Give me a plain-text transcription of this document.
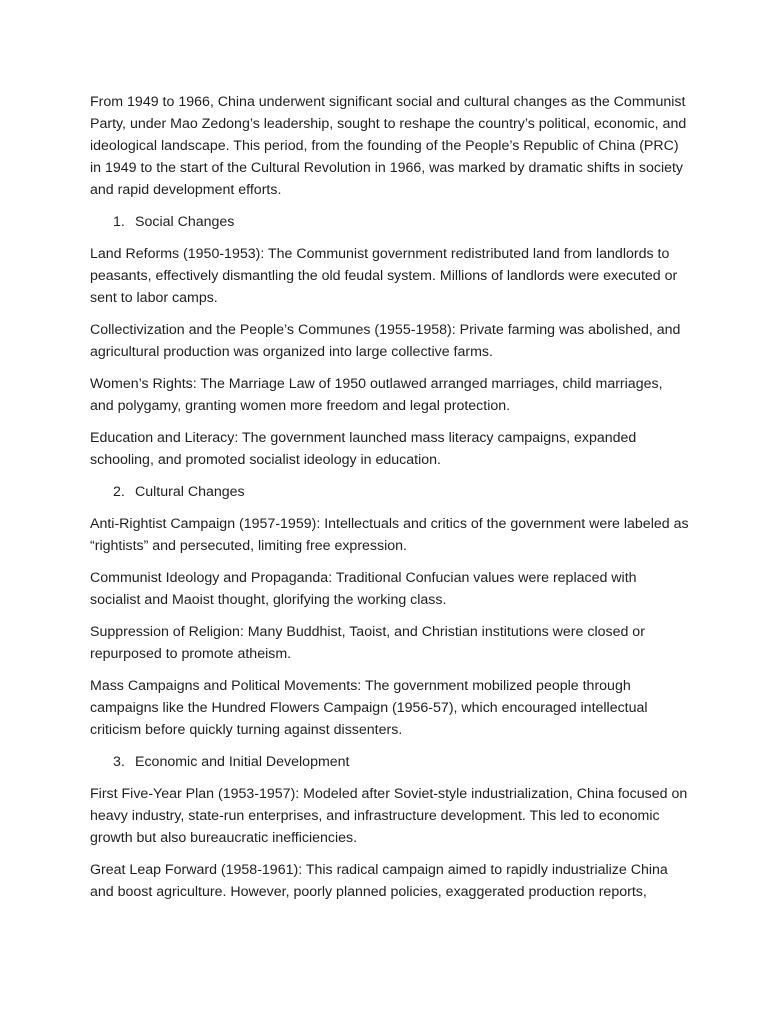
From 1949 to 1966, China underwent significant social and cultural changes as the Communist Party, under Mao Zedong’s leadership, sought to reshape the country’s political, economic, and ideological landscape. This period, from the founding of the People’s Republic of China (PRC) in 1949 to the start of the Cultural Revolution in 1966, was marked by dramatic shifts in society and rapid development efforts.

1. Social Changes

Land Reforms (1950-1953): The Communist government redistributed land from landlords to peasants, effectively dismantling the old feudal system. Millions of landlords were executed or sent to labor camps.

Collectivization and the People’s Communes (1955-1958): Private farming was abolished, and agricultural production was organized into large collective farms.

Women’s Rights: The Marriage Law of 1950 outlawed arranged marriages, child marriages, and polygamy, granting women more freedom and legal protection.

Education and Literacy: The government launched mass literacy campaigns, expanded schooling, and promoted socialist ideology in education.

2. Cultural Changes

Anti-Rightist Campaign (1957-1959): Intellectuals and critics of the government were labeled as “rightists” and persecuted, limiting free expression.

Communist Ideology and Propaganda: Traditional Confucian values were replaced with socialist and Maoist thought, glorifying the working class.

Suppression of Religion: Many Buddhist, Taoist, and Christian institutions were closed or repurposed to promote atheism.

Mass Campaigns and Political Movements: The government mobilized people through campaigns like the Hundred Flowers Campaign (1956-57), which encouraged intellectual criticism before quickly turning against dissenters.

3. Economic and Initial Development

First Five-Year Plan (1953-1957): Modeled after Soviet-style industrialization, China focused on heavy industry, state-run enterprises, and infrastructure development. This led to economic growth but also bureaucratic inefficiencies.

Great Leap Forward (1958-1961): This radical campaign aimed to rapidly industrialize China and boost agriculture. However, poorly planned policies, exaggerated production reports,
